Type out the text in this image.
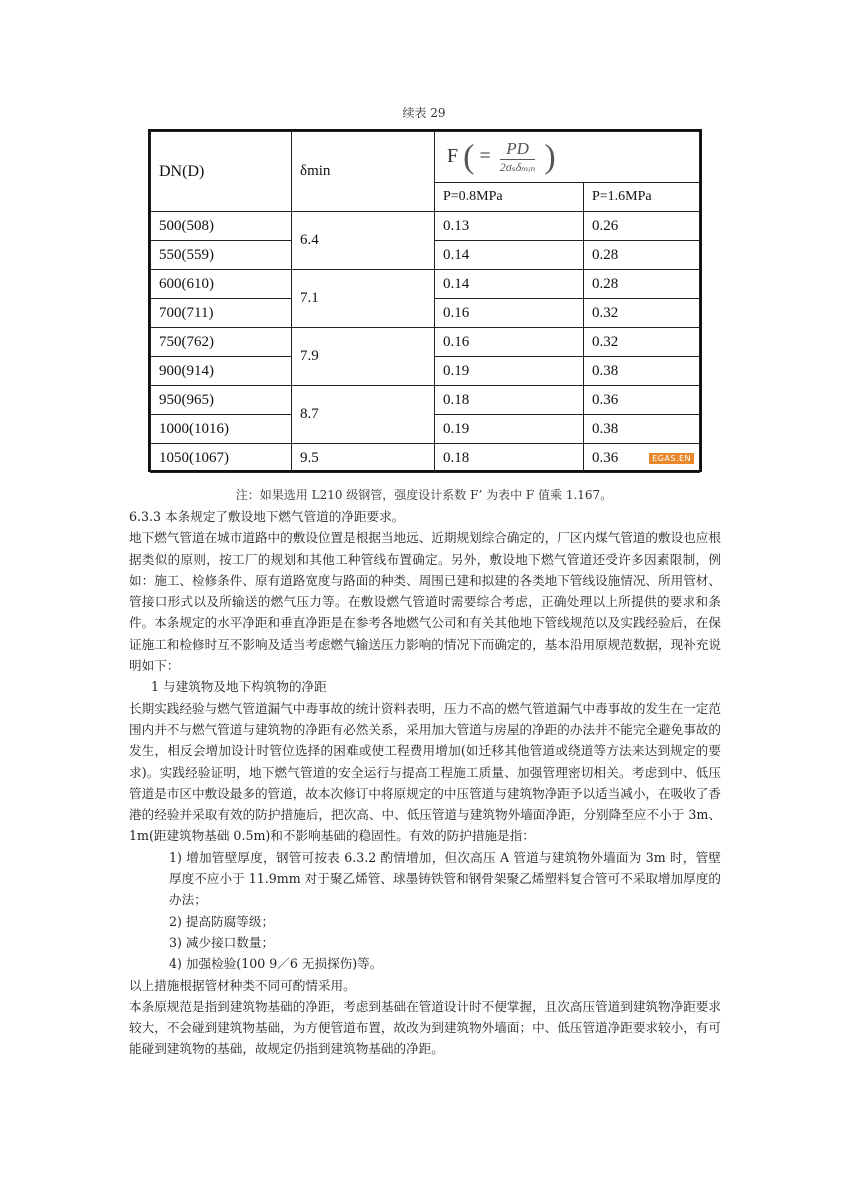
续表 29
DN(D)	δmin	F ( = $\frac{PD}{\text{2σₛδₘᵢₙ}}$ )	
		P=0.8MPa	P=1.6MPa
500(508)	6.4	0.13	0.26
550(559)		0.14	0.28
600(610)	7.1	0.14	0.28
700(711)		0.16	0.32
750(762)	7.9	0.16	0.32
900(914)		0.19	0.38
950(965)	8.7	0.18	0.36
1000(1016)		0.19	0.38
1050(1067)	9.5	0.18	0.36	EGAS.EN
注：如果选用 L210 级钢管，强度设计系数 F’ 为表中 F 值乘 1.167。

6.3.3 本条规定了敷设地下燃气管道的净距要求。

地下燃气管道在城市道路中的敷设位置是根据当地远、近期规划综合确定的，厂区内煤气管道的敷设也应根据类似的原则，按工厂的规划和其他工种管线布置确定。另外，敷设地下燃气管道还受许多因素限制，例如：施工、检修条件、原有道路宽度与路面的种类、周围已建和拟建的各类地下管线设施情况、所用管材、管接口形式以及所输送的燃气压力等。在敷设燃气管道时需要综合考虑，正确处理以上所提供的要求和条件。本条规定的水平净距和垂直净距是在参考各地燃气公司和有关其他地下管线规范以及实践经验后，在保证施工和检修时互不影响及适当考虑燃气输送压力影响的情况下而确定的，基本沿用原规范数据，现补充说明如下：

1 与建筑物及地下构筑物的净距

长期实践经验与燃气管道漏气中毒事故的统计资料表明，压力不高的燃气管道漏气中毒事故的发生在一定范围内并不与燃气管道与建筑物的净距有必然关系，采用加大管道与房屋的净距的办法并不能完全避免事故的发生，相反会增加设计时管位选择的困难或使工程费用增加(如迁移其他管道或绕道等方法来达到规定的要求)。实践经验证明，地下燃气管道的安全运行与提高工程施工质量、加强管理密切相关。考虑到中、低压管道是市区中敷设最多的管道，故本次修订中将原规定的中压管道与建筑物净距予以适当减小，在吸收了香港的经验并采取有效的防护措施后，把次高、中、低压管道与建筑物外墙面净距，分别降至应不小于 3m、1m(距建筑物基础 0.5m)和不影响基础的稳固性。有效的防护措施是指：

1) 增加管壁厚度，钢管可按表 6.3.2 酌情增加，但次高压 A 管道与建筑物外墙面为 3m 时，管壁厚度不应小于 11.9mm 对于聚乙烯管、球墨铸铁管和钢骨架聚乙烯塑料复合管可不采取增加厚度的办法；

2) 提高防腐等级；

3) 减少接口数量；

4) 加强检验(100 9／6 无损探伤)等。

以上措施根据管材种类不同可酌情采用。

本条原规范是指到建筑物基础的净距，考虑到基础在管道设计时不便掌握，且次高压管道到建筑物净距要求较大，不会碰到建筑物基础，为方便管道布置，故改为到建筑物外墙面；中、低压管道净距要求较小，有可能碰到建筑物的基础，故规定仍指到建筑物基础的净距。
